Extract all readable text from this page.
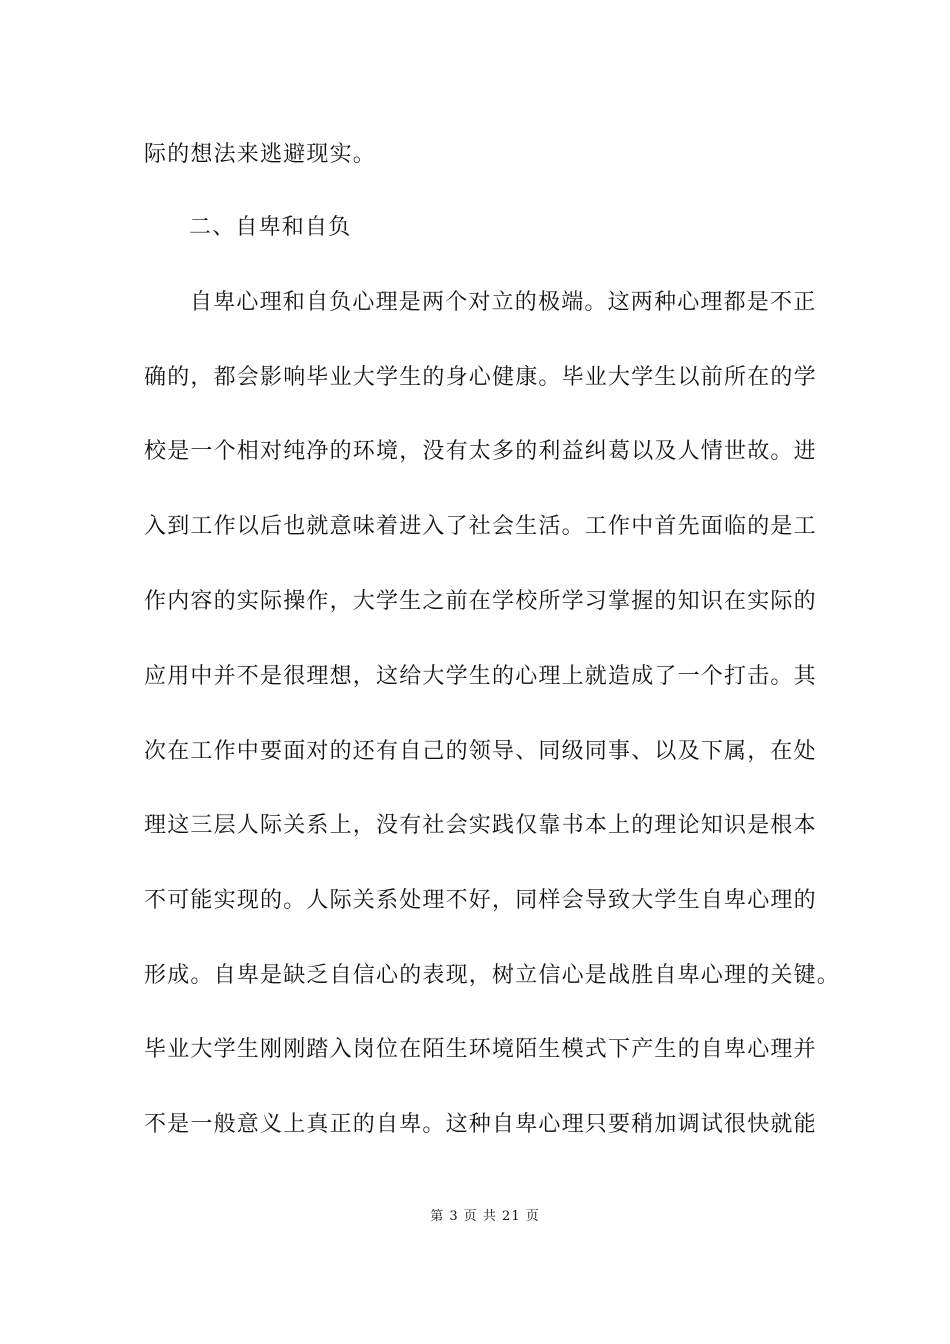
际的想法来逃避现实。
二、自卑和自负
自卑心理和自负心理是两个对立的极端。这两种心理都是不正
确的，都会影响毕业大学生的身心健康。毕业大学生以前所在的学
校是一个相对纯净的环境，没有太多的利益纠葛以及人情世故。进
入到工作以后也就意味着进入了社会生活。工作中首先面临的是工
作内容的实际操作，大学生之前在学校所学习掌握的知识在实际的
应用中并不是很理想，这给大学生的心理上就造成了一个打击。其
次在工作中要面对的还有自己的领导、同级同事、以及下属，在处
理这三层人际关系上，没有社会实践仅靠书本上的理论知识是根本
不可能实现的。人际关系处理不好，同样会导致大学生自卑心理的
形成。自卑是缺乏自信心的表现，树立信心是战胜自卑心理的关键。
毕业大学生刚刚踏入岗位在陌生环境陌生模式下产生的自卑心理并
不是一般意义上真正的自卑。这种自卑心理只要稍加调试很快就能
第 3 页 共 21 页
